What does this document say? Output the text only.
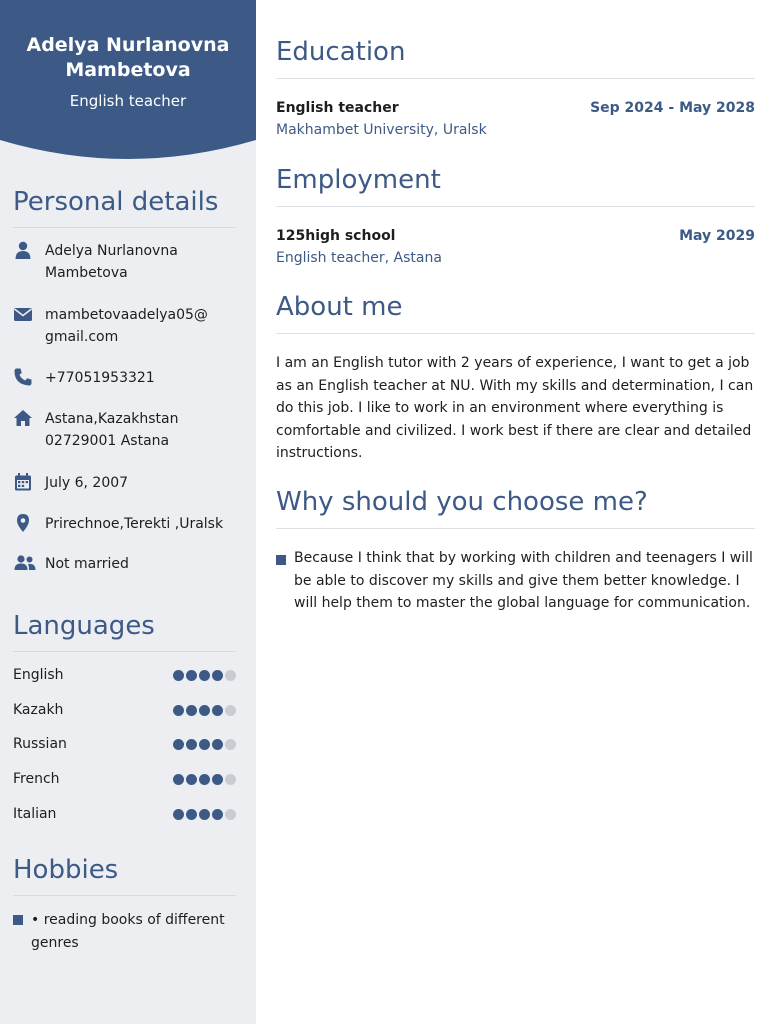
Adelya Nurlanovna Mambetova
English teacher
Personal details
Adelya Nurlanovna Mambetova
mambetovaadelya05@ gmail.com
+77051953321
Astana,Kazakhstan 02729001 Astana
July 6, 2007
Prirechnoe,Terekti ,Uralsk
Not married
Languages
English
Kazakh
Russian
French
Italian
Hobbies
• reading books of different genres
Education
English teacher	Sep 2024 - May 2028
Makhambet University, Uralsk
Employment
125high school	May 2029
English teacher, Astana
About me
I am an English tutor with 2 years of experience, I want to get a job as an English teacher at NU. With my skills and determination, I can do this job. I like to work in an environment where everything is comfortable and civilized. I work best if there are clear and detailed instructions.
Why should you choose me?
Because I think that by working with children and teenagers I will be able to discover my skills and give them better knowledge. I will help them to master the global language for communication.
